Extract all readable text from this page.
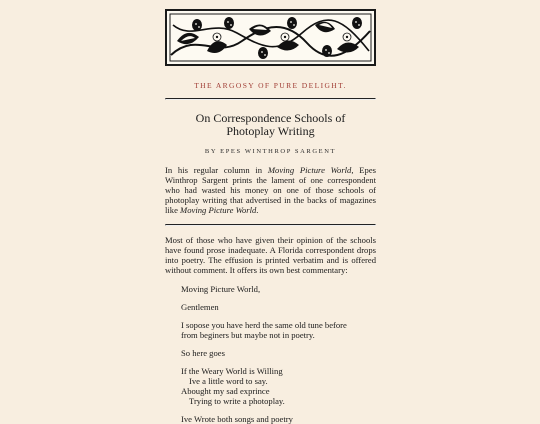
THE ARGOSY OF PURE DELIGHT.
On Correspondence Schools of
Photoplay Writing
BY EPES WINTHROP SARGENT

In his regular column in Moving Picture World, Epes Winthrop Sargent prints the lament of one correspondent who had wasted his money on one of those schools of photoplay writing that advertised in the backs of magazines like Moving Picture World.

Most of those who have given their opinion of the schools have found prose inadequate. A Florida correspondent drops into poetry. The effusion is printed verbatim and is offered without comment. It offers its own best commentary:

Moving Picture World,
Gentlemen
I sopose you have herd the same old tune before
from beginers but maybe not in poetry.
So here goes
If the Weary World is Willing
Ive a little word to say.
Abought my sad exprince
Trying to write a photoplay.
Ive Wrote both songs and poetry
